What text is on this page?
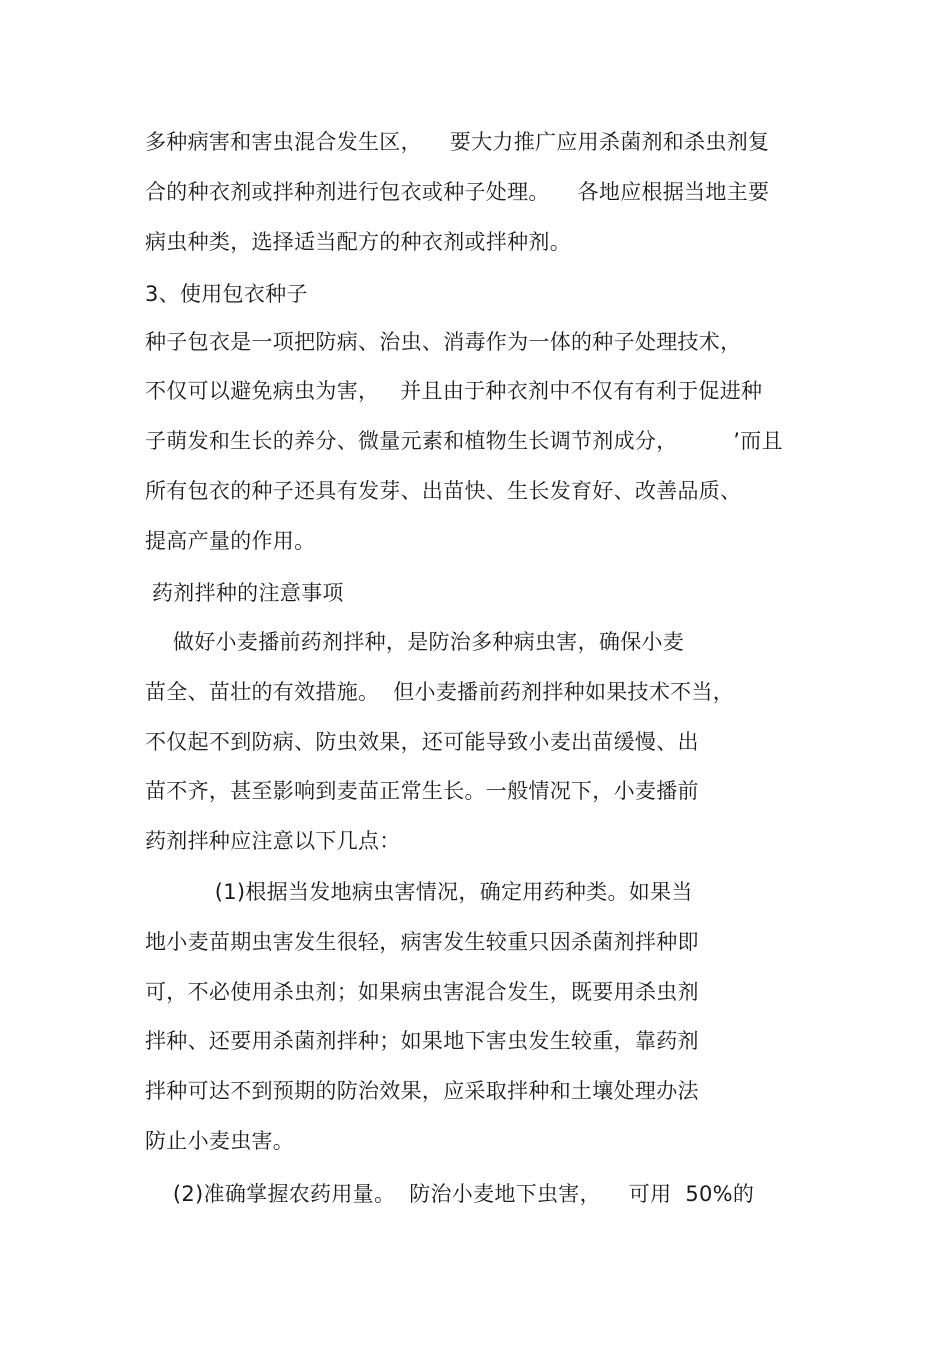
多种病害和害虫混合发生区，    要大力推广应用杀菌剂和杀虫剂复
合的种衣剂或拌种剂进行包衣或种子处理。    各地应根据当地主要
病虫种类，选择适当配方的种衣剂或拌种剂。
3、使用包衣种子
种子包衣是一项把防病、治虫、消毒作为一体的种子处理技术，
不仅可以避免病虫为害，   并且由于种衣剂中不仅有有利于促进种
子萌发和生长的养分、微量元素和植物生长调节剂成分，        ’而且
所有包衣的种子还具有发芽、出苗快、生长发育好、改善品质、
提高产量的作用。
药剂拌种的注意事项
做好小麦播前药剂拌种，是防治多种病虫害，确保小麦
苗全、苗壮的有效措施。  但小麦播前药剂拌种如果技术不当，
不仅起不到防病、防虫效果，还可能导致小麦出苗缓慢、出
苗不齐，甚至影响到麦苗正常生长。一般情况下，小麦播前
药剂拌种应注意以下几点：
(1)根据当发地病虫害情况，确定用药种类。如果当
地小麦苗期虫害发生很轻，病害发生较重只因杀菌剂拌种即
可，不必使用杀虫剂；如果病虫害混合发生，既要用杀虫剂
拌种、还要用杀菌剂拌种；如果地下害虫发生较重，靠药剂
拌种可达不到预期的防治效果，应采取拌种和土壤处理办法
防止小麦虫害。
(2)准确掌握农药用量。  防治小麦地下虫害，    可用  50%的
